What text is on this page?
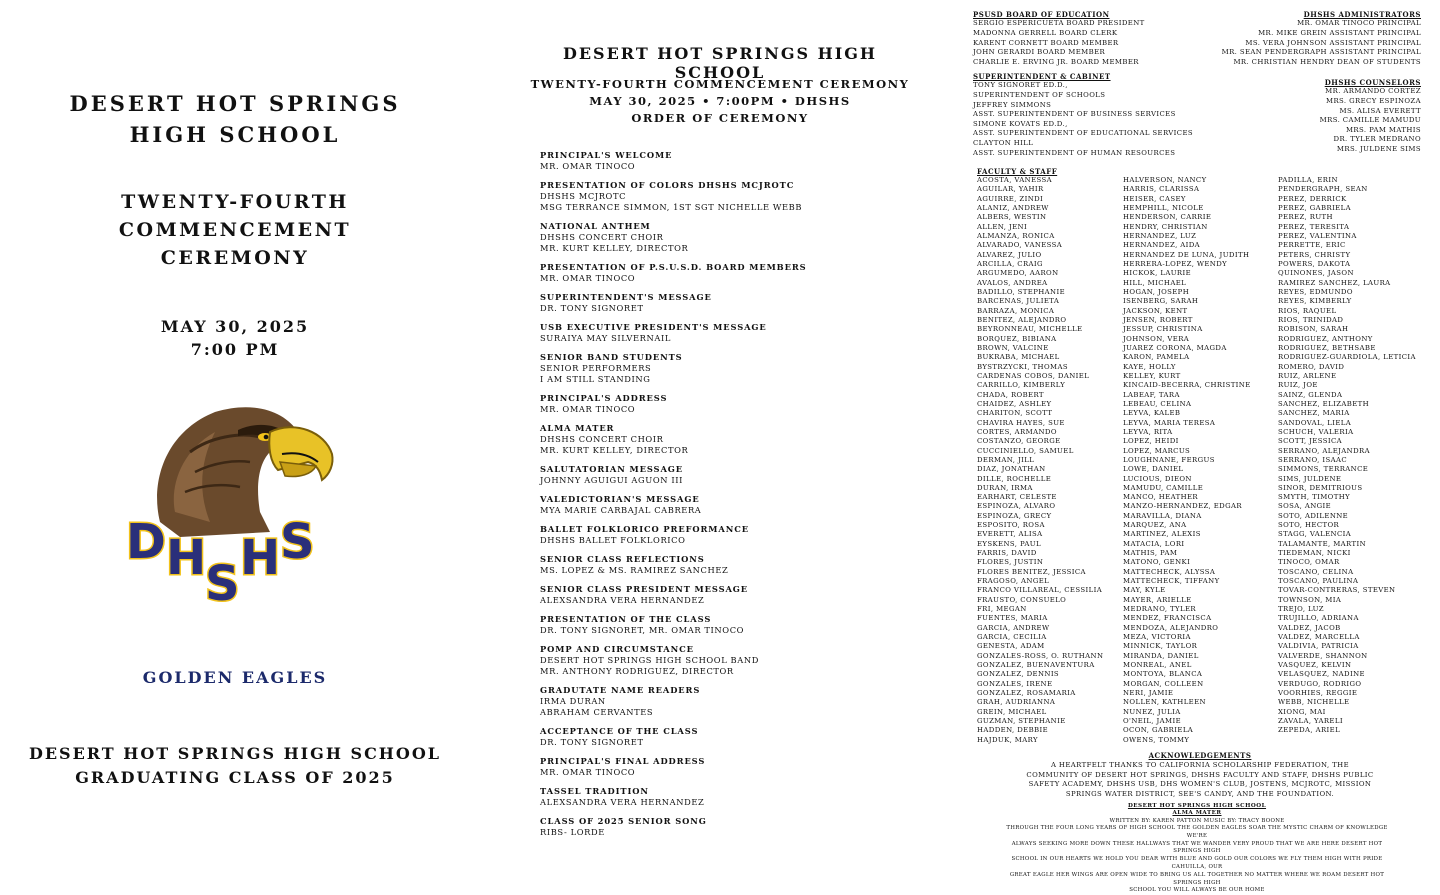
DESERT HOT SPRINGS
HIGH SCHOOL
TWENTY-FOURTH
COMMENCEMENT
CEREMONY
MAY 30, 2025
7:00 PM
D H
S H S
GOLDEN EAGLES
DESERT HOT SPRINGS HIGH SCHOOL
GRADUATING CLASS OF 2025
DESERT HOT SPRINGS HIGH SCHOOL
TWENTY-FOURTH COMMENCEMENT CEREMONY
MAY 30, 2025 • 7:00PM • DHSHS
ORDER OF CEREMONY
PRINCIPAL'S WELCOME
MR. OMAR TINOCO
PRESENTATION OF COLORS DHSHS MCJROTC
DHSHS MCJROTC
MSG TERRANCE SIMMON, 1ST SGT NICHELLE WEBB
NATIONAL ANTHEM
DHSHS CONCERT CHOIR
MR. KURT KELLEY, DIRECTOR
PRESENTATION OF P.S.U.S.D. BOARD MEMBERS
MR. OMAR TINOCO
SUPERINTENDENT'S MESSAGE
DR. TONY SIGNORET
USB EXECUTIVE PRESIDENT'S MESSAGE
SURAIYA MAY SILVERNAIL
SENIOR BAND STUDENTS
SENIOR PERFORMERS
I AM STILL STANDING
PRINCIPAL'S ADDRESS
MR. OMAR TINOCO
ALMA MATER
DHSHS CONCERT CHOIR
MR. KURT KELLEY, DIRECTOR
SALUTATORIAN MESSAGE
JOHNNY AGUIGUI AGUON III
VALEDICTORIAN'S MESSAGE
MYA MARIE CARBAJAL CABRERA
BALLET FOLKLORICO PREFORMANCE
DHSHS BALLET FOLKLORICO
SENIOR CLASS REFLECTIONS
MS. LOPEZ & MS. RAMIREZ SANCHEZ
SENIOR CLASS PRESIDENT MESSAGE
ALEXSANDRA VERA HERNANDEZ
PRESENTATION OF THE CLASS
DR. TONY SIGNORET, MR. OMAR TINOCO
POMP AND CIRCUMSTANCE
DESERT HOT SPRINGS HIGH SCHOOL BAND
MR. ANTHONY RODRIGUEZ, DIRECTOR
GRADUTATE NAME READERS
IRMA DURAN
ABRAHAM CERVANTES
ACCEPTANCE OF THE CLASS
DR. TONY SIGNORET
PRINCIPAL'S FINAL ADDRESS
MR. OMAR TINOCO
TASSEL TRADITION
ALEXSANDRA VERA HERNANDEZ
CLASS OF 2025 SENIOR SONG
RIBS- LORDE
PSUSD BOARD OF EDUCATION
SERGIO ESPERICUETA BOARD PRESIDENT
MADONNA GERRELL BOARD CLERK
KARENT CORNETT BOARD MEMBER
JOHN GERARDI BOARD MEMBER
CHARLIE E. ERVING JR. BOARD MEMBER
SUPERINTENDENT & CABINET
TONY SIGNORET ED.D.,
SUPERINTENDENT OF SCHOOLS
JEFFREY SIMMONS
ASST. SUPERINTENDENT OF BUSINESS SERVICES
SIMONE KOVATS ED.D.,
ASST. SUPERINTENDENT OF EDUCATIONAL SERVICES
CLAYTON HILL
ASST. SUPERINTENDENT OF HUMAN RESOURCES
DHSHS ADMINISTRATORS
MR. OMAR TINOCO PRINCIPAL
MR. MIKE GREIN ASSISTANT PRINCIPAL
MS. VERA JOHNSON ASSISTANT PRINCIPAL
MR. SEAN PENDERGRAPH ASSISTANT PRINCIPAL
MR. CHRISTIAN HENDRY DEAN OF STUDENTS
DHSHS COUNSELORS
MR. ARMANDO CORTEZ
MRS. GRECY ESPINOZA
MS. ALISA EVERETT
MRS. CAMILLE MAMUDU
MRS. PAM MATHIS
DR. TYLER MEDRANO
MRS. JULDENE SIMS
FACULTY & STAFF
ACOSTA, VANESSA
AGUILAR, YAHIR
AGUIRRE, ZINDI
ALANIZ, ANDREW
ALBERS, WESTIN
ALLEN, JENI
ALMANZA, RONICA
ALVARADO, VANESSA
ALVAREZ, JULIO
ARCILLA, CRAIG
ARGUMEDO, AARON
AVALOS, ANDREA
BADILLO, STEPHANIE
BARCENAS, JULIETA
BARRAZA, MONICA
BENITEZ, ALEJANDRO
BEYRONNEAU, MICHELLE
BORQUEZ, BIBIANA
BROWN, VALCINE
BUKRABA, MICHAEL
BYSTRZYCKI, THOMAS
CARDENAS COBOS, DANIEL
CARRILLO, KIMBERLY
CHADA, ROBERT
CHAIDEZ, ASHLEY
CHARITON, SCOTT
CHAVIRA HAYES, SUE
CORTES, ARMANDO
COSTANZO, GEORGE
CUCCINIELLO, SAMUEL
DERMAN, JILL
DIAZ, JONATHAN
DILLE, ROCHELLE
DURAN, IRMA
EARHART, CELESTE
ESPINOZA, ALVARO
ESPINOZA, GRECY
ESPOSITO, ROSA
EVERETT, ALISA
EYSKENS, PAUL
FARRIS, DAVID
FLORES, JUSTIN
FLORES BENITEZ, JESSICA
FRAGOSO, ANGEL
FRANCO VILLAREAL, CESSILIA
FRAUSTO, CONSUELO
FRI, MEGAN
FUENTES, MARIA
GARCIA, ANDREW
GARCIA, CECILIA
GENESTA, ADAM
GONZALES-ROSS, O. RUTHANN
GONZALEZ, BUENAVENTURA
GONZALEZ, DENNIS
GONZALES, IRENE
GONZALEZ, ROSAMARIA
GRAH, AUDRIANNA
GREIN, MICHAEL
GUZMAN, STEPHANIE
HADDEN, DEBBIE
HAJDUK, MARY
HALVERSON, NANCY
HARRIS, CLARISSA
HEISER, CASEY
HEMPHILL, NICOLE
HENDERSON, CARRIE
HENDRY, CHRISTIAN
HERNANDEZ, LUZ
HERNANDEZ, AIDA
HERNANDEZ DE LUNA, JUDITH
HERRERA-LOPEZ, WENDY
HICKOK, LAURIE
HILL, MICHAEL
HOGAN, JOSEPH
ISENBERG, SARAH
JACKSON, KENT
JENSEN, ROBERT
JESSUP, CHRISTINA
JOHNSON, VERA
JUAREZ CORONA, MAGDA
KARON, PAMELA
KAYE, HOLLY
KELLEY, KURT
KINCAID-BECERRA, CHRISTINE
LABEAF, TARA
LEBEAU, CELINA
LEYVA, KALEB
LEYVA, MARIA TERESA
LEYVA, RITA
LOPEZ, HEIDI
LOPEZ, MARCUS
LOUGHNANE, FERGUS
LOWE, DANIEL
LUCIOUS, DIEON
MAMUDU, CAMILLE
MANCO, HEATHER
MANZO-HERNANDEZ, EDGAR
MARAVILLA, DIANA
MARQUEZ, ANA
MARTINEZ, ALEXIS
MATACIA, LORI
MATHIS, PAM
MATONO, GENKI
MATTECHECK, ALYSSA
MATTECHECK, TIFFANY
MAY, KYLE
MAYER, ARIELLE
MEDRANO, TYLER
MENDEZ, FRANCISCA
MENDOZA, ALEJANDRO
MEZA, VICTORIA
MINNICK, TAYLOR
MIRANDA, DANIEL
MONREAL, ANEL
MONTOYA, BLANCA
MORGAN, COLLEEN
NERI, JAMIE
NOLLEN, KATHLEEN
NUNEZ, JULIA
O'NEIL, JAMIE
OCON, GABRIELA
OWENS, TOMMY
PADILLA, ERIN
PENDERGRAPH, SEAN
PEREZ, DERRICK
PEREZ, GABRIELA
PEREZ, RUTH
PEREZ, TERESITA
PEREZ, VALENTINA
PERRETTE, ERIC
PETERS, CHRISTY
POWERS, DAKOTA
QUINONES, JASON
RAMIREZ SANCHEZ, LAURA
REYES, EDMUNDO
REYES, KIMBERLY
RIOS, RAQUEL
RIOS, TRINIDAD
ROBISON, SARAH
RODRIGUEZ, ANTHONY
RODRIGUEZ, BETHSABE
RODRIGUEZ-GUARDIOLA, LETICIA
ROMERO, DAVID
RUIZ, ARLENE
RUIZ, JOE
SAINZ, GLENDA
SANCHEZ, ELIZABETH
SANCHEZ, MARIA
SANDOVAL, LIELA
SCHUCH, VALERIA
SCOTT, JESSICA
SERRANO, ALEJANDRA
SERRANO, ISAAC
SIMMONS, TERRANCE
SIMS, JULDENE
SINOR, DEMITRIOUS
SMYTH, TIMOTHY
SOSA, ANGIE
SOTO, ADILENNE
SOTO, HECTOR
STAGG, VALENCIA
TALAMANTE, MARTIN
TIEDEMAN, NICKI
TINOCO, OMAR
TOSCANO, CELINA
TOSCANO, PAULINA
TOVAR-CONTRERAS, STEVEN
TOWNSON, MIA
TREJO, LUZ
TRUJILLO, ADRIANA
VALDEZ, JACOB
VALDEZ, MARCELLA
VALDIVIA, PATRICIA
VALVERDE, SHANNON
VASQUEZ, KELVIN
VELASQUEZ, NADINE
VERDUGO, RODRIGO
VOORHIES, REGGIE
WEBB, NICHELLE
XIONG, MAI
ZAVALA, YARELI
ZEPEDA, ARIEL
ACKNOWLEDGEMENTS
A HEARTFELT THANKS TO CALIFORNIA SCHOLARSHIP FEDERATION, THE
COMMUNITY OF DESERT HOT SPRINGS, DHSHS FACULTY AND STAFF, DHSHS PUBLIC
SAFETY ACADEMY, DHSHS USB, DHS WOMEN'S CLUB, JOSTENS, MCJROTC, MISSION
SPRINGS WATER DISTRICT, SEE'S CANDY, AND THE FOUNDATION.
DESERT HOT SPRINGS HIGH SCHOOL
ALMA MATER
WRITTEN BY: KAREN PATTON MUSIC BY: TRACY BOONE
THROUGH THE FOUR LONG YEARS OF HIGH SCHOOL THE GOLDEN EAGLES SOAR THE MYSTIC CHARM OF KNOWLEDGE WE'RE
ALWAYS SEEKING MORE DOWN THESE HALLWAYS THAT WE WANDER VERY PROUD THAT WE ARE HERE DESERT HOT SPRINGS HIGH
SCHOOL IN OUR HEARTS WE HOLD YOU DEAR WITH BLUE AND GOLD OUR COLORS WE FLY THEM HIGH WITH PRIDE CAHUILLA, OUR
GREAT EAGLE HER WINGS ARE OPEN WIDE TO BRING US ALL TOGETHER NO MATTER WHERE WE ROAM DESERT HOT SPRINGS HIGH
SCHOOL YOU WILL ALWAYS BE OUR HOME
